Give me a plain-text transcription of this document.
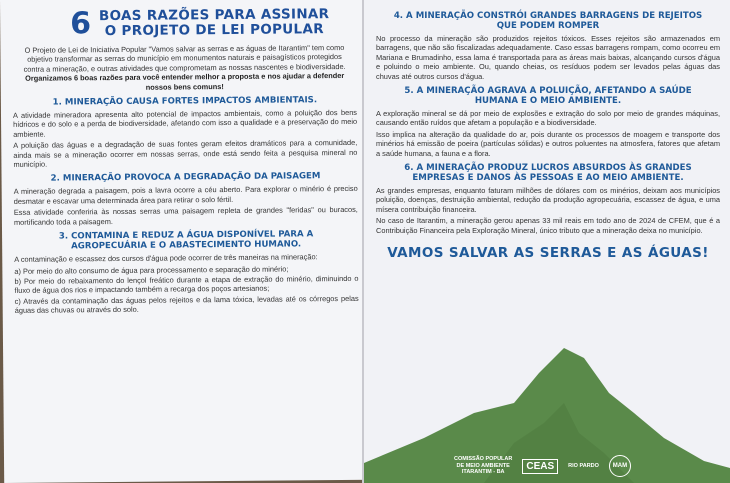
6 BOAS RAZÕES PARA ASSINAR
O PROJETO DE LEI POPULAR
O Projeto de Lei de Iniciativa Popular "Vamos salvar as serras e as águas de Itarantim" tem como objetivo transformar as serras do município em monumentos naturais e paisagísticos protegidos contra a mineração, e outras atividades que comprometam as nossas nascentes e biodiversidade.
Organizamos 6 boas razões para você entender melhor a proposta e nos ajudar a defender nossos bens comuns!
1. MINERAÇÃO CAUSA FORTES IMPACTOS AMBIENTAIS.
A atividade mineradora apresenta alto potencial de impactos ambientais, como a poluição dos bens hídricos e do solo e a perda de biodiversidade, afetando com isso a qualidade e a preservação do meio ambiente.
A poluição das águas e a degradação de suas fontes geram efeitos dramáticos para a comunidade, ainda mais se a mineração ocorrer em nossas serras, onde está sendo feita a pesquisa mineral no município.
2. MINERAÇÃO PROVOCA A DEGRADAÇÃO DA PAISAGEM
A mineração degrada a paisagem, pois a lavra ocorre a céu aberto. Para explorar o minério é preciso desmatar e escavar uma determinada área para retirar o solo fértil.
Essa atividade conferiria às nossas serras uma paisagem repleta de grandes "feridas" ou buracos, mortificando toda a paisagem.
3. CONTAMINA E REDUZ A ÁGUA DISPONÍVEL PARA A AGROPECUÁRIA E O ABASTECIMENTO HUMANO.
A contaminação e escassez dos cursos d'água pode ocorrer de três maneiras na mineração:
a) Por meio do alto consumo de água para processamento e separação do minério;
b) Por meio do rebaixamento do lençol freático durante a etapa de extração do minério, diminuindo o fluxo de água dos rios e impactando também a recarga dos poços artesianos;
c) Através da contaminação das águas pelos rejeitos e da lama tóxica, levadas até os córregos pelas águas das chuvas ou através do solo.
4. A MINERAÇÃO CONSTRÓI GRANDES BARRAGENS DE REJEITOS QUE PODEM ROMPER
No processo da mineração são produzidos rejeitos tóxicos. Esses rejeitos são armazenados em barragens, que não são fiscalizadas adequadamente. Caso essas barragens rompam, como ocorreu em Mariana e Brumadinho, essa lama é transportada para as áreas mais baixas, alcançando cursos d'água e poluindo o meio ambiente. Ou, quando cheias, os resíduos podem ser levados pelas águas das chuvas até outros cursos d'água.
5. A MINERAÇÃO AGRAVA A POLUIÇÃO, AFETANDO A SAÚDE HUMANA E O MEIO AMBIENTE.
A exploração mineral se dá por meio de explosões e extração do solo por meio de grandes máquinas, causando então ruídos que afetam a população e a biodiversidade.
Isso implica na alteração da qualidade do ar, pois durante os processos de moagem e transporte dos minérios há emissão de poeira (partículas sólidas) e outros poluentes na atmosfera, fatores que afetam a saúde humana, a fauna e a flora.
6. A MINERAÇÃO PRODUZ LUCROS ABSURDOS ÀS GRANDES EMPRESAS E DANOS ÀS PESSOAS E AO MEIO AMBIENTE.
As grandes empresas, enquanto faturam milhões de dólares com os minérios, deixam aos municípios poluição, doenças, destruição ambiental, redução da produção agropecuária, escassez de água, e uma mísera contribuição financeira.
No caso de Itarantim, a mineração gerou apenas 33 mil reais em todo ano de 2024 de CFEM, que é a Contribuição Financeira pela Exploração Mineral, único tributo que a mineração deixa no município.
VAMOS SALVAR AS SERRAS E AS ÁGUAS!
COMISSÃO POPULAR
DE MEIO AMBIENTE
ITARANTIM - BA
CEAS	RIO PARDO	MAM
